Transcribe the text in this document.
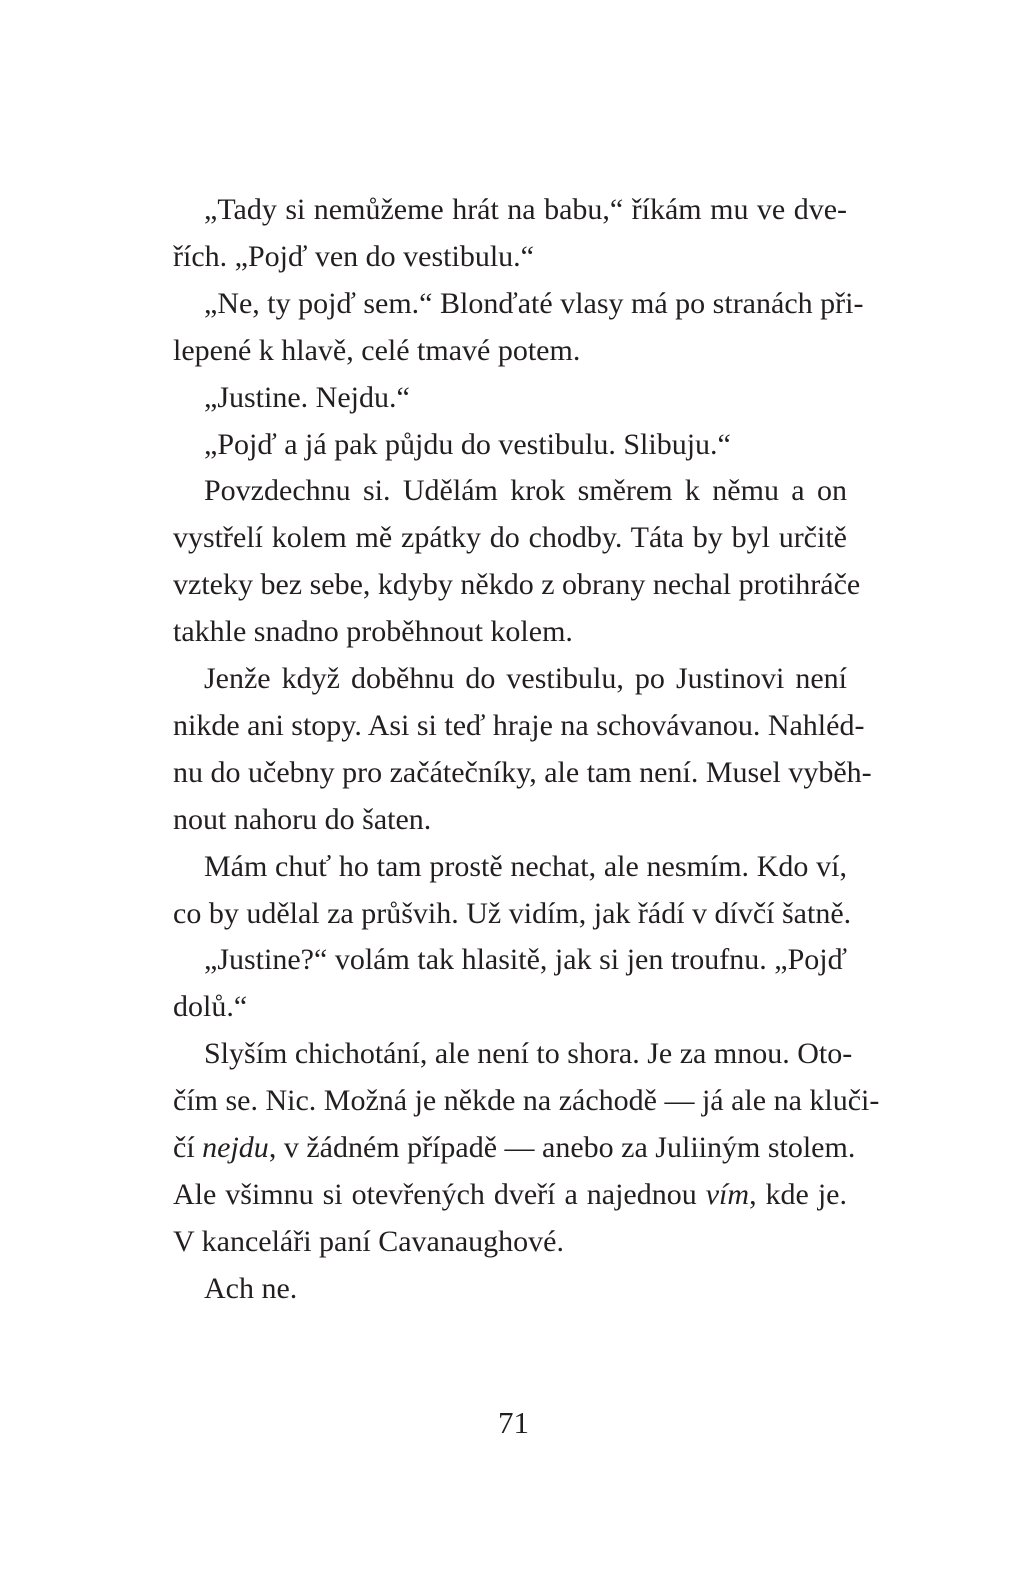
„Tady si nemůžeme hrát na babu,“ říkám mu ve dve-
řích. „Pojď ven do vestibulu.“
„Ne, ty pojď sem.“ Blonďaté vlasy má po stranách při-
lepené k hlavě, celé tmavé potem.
„Justine. Nejdu.“
„Pojď a já pak půjdu do vestibulu. Slibuju.“
Povzdechnu si. Udělám krok směrem k němu a on
vystřelí kolem mě zpátky do chodby. Táta by byl určitě
vzteky bez sebe, kdyby někdo z obrany nechal protihráče
takhle snadno proběhnout kolem.
Jenže když doběhnu do vestibulu, po Justinovi není
nikde ani stopy. Asi si teď hraje na schovávanou. Nahléd-
nu do učebny pro začátečníky, ale tam není. Musel vyběh-
nout nahoru do šaten.
Mám chuť ho tam prostě nechat, ale nesmím. Kdo ví,
co by udělal za průšvih. Už vidím, jak řádí v dívčí šatně.
„Justine?“ volám tak hlasitě, jak si jen troufnu. „Pojď
dolů.“
Slyším chichotání, ale není to shora. Je za mnou. Oto-
čím se. Nic. Možná je někde na záchodě — já ale na kluči-
čí nejdu, v žádném případě — anebo za Juliiným stolem.
Ale všimnu si otevřených dveří a najednou vím, kde je.
V kanceláři paní Cavanaughové.
Ach ne.
71
